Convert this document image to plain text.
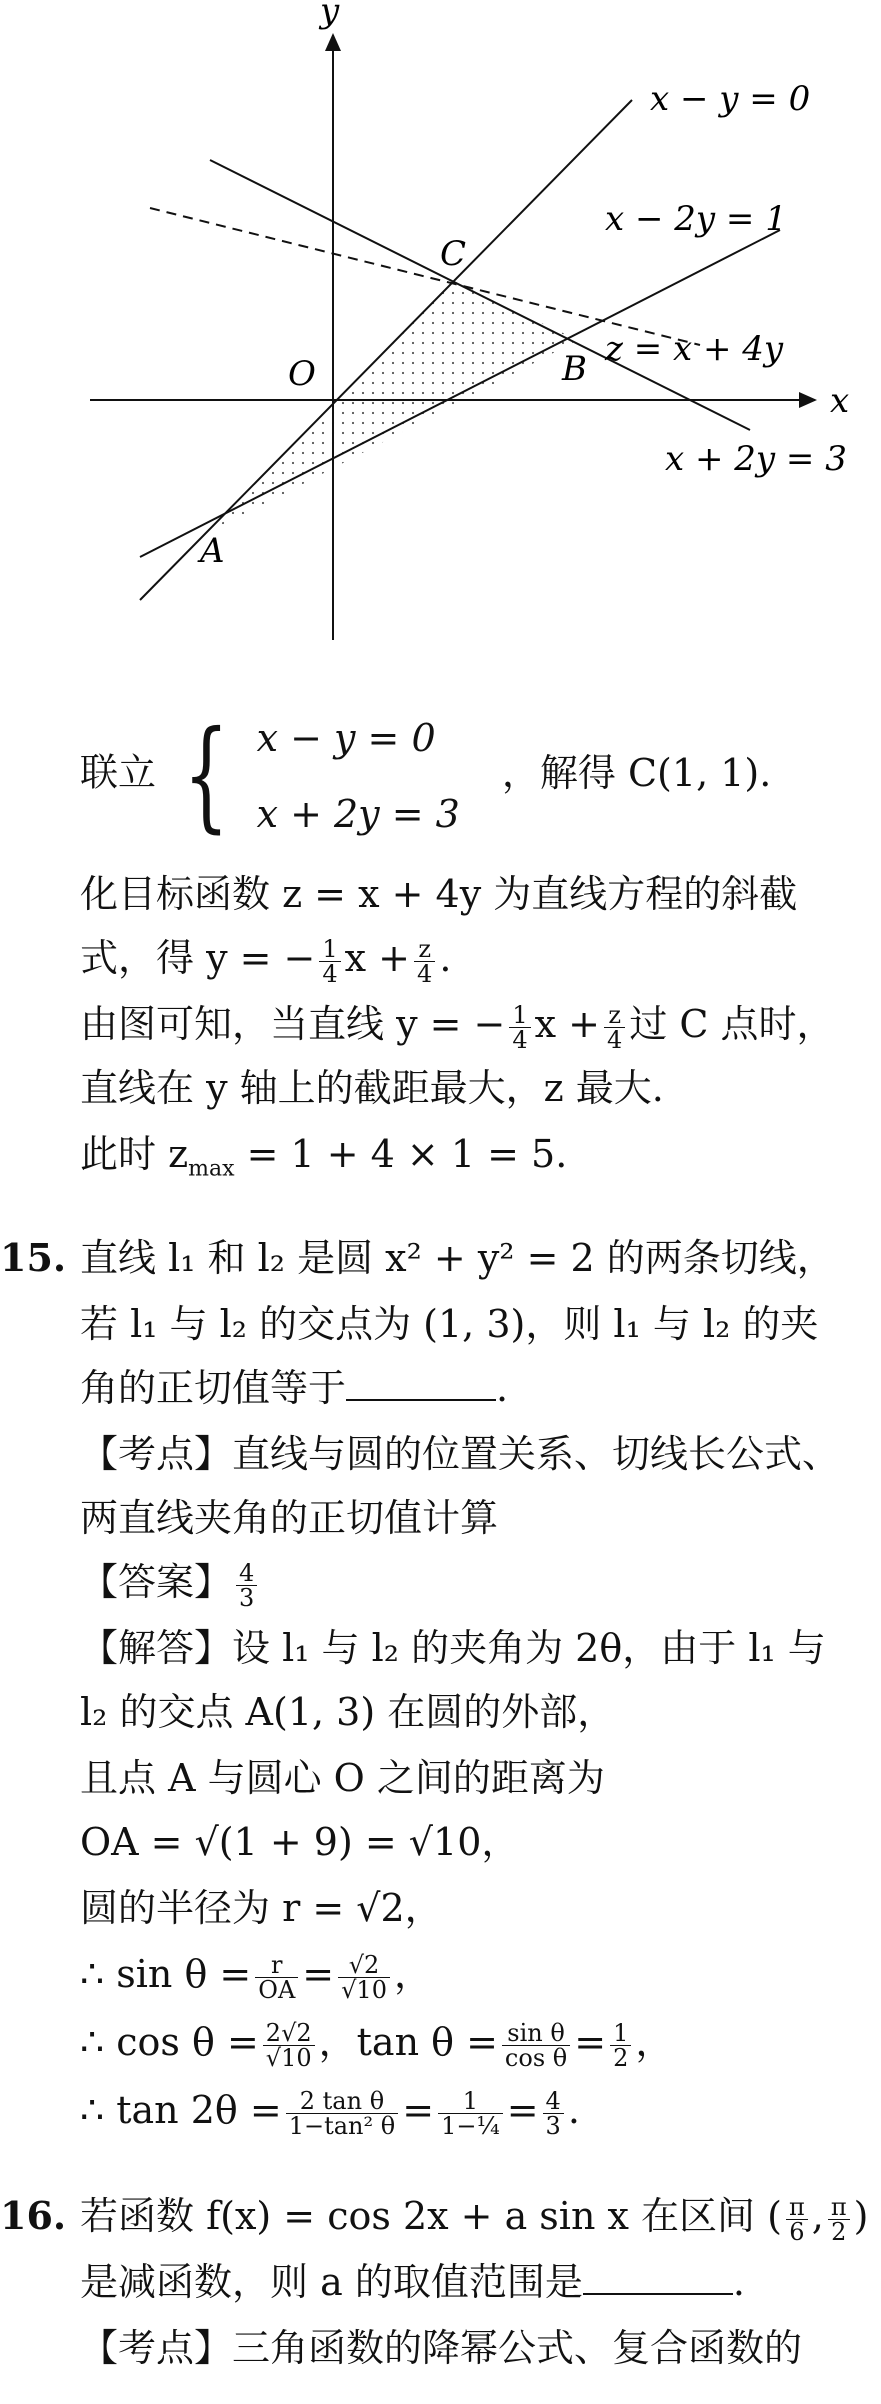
y
x
O
A
B
C
x − y = 0
x − 2y = 1
x + 2y = 3
z = x + 4y
联立 { x − y = 0
x + 2y = 3 ，解得 C(1, 1).
化目标函数 z = x + 4y 为直线方程的斜截
式，得 y = − $\frac{1}{4}$ $x + \frac{z}{4}$ .
由图可知，当直线 y = − $\frac{1}{4}$ $x + \frac{z}{4}$ 过 C 点时，
直线在 y 轴上的截距最大，z 最大.
此时 $z_{max} = 1 + 4 \times 1 = 5$.
15. 直线 l₁ 和 l₂ 是圆 x² + y² = 2 的两条切线，
若 l₁ 与 l₂ 的交点为 (1, 3)，则 l₁ 与 l₂ 的夹
角的正切值等于	.
【考点】直线与圆的位置关系、切线长公式、
两直线夹角的正切值计算
【答案】 $\frac{4}{3}$
【解答】设 l₁ 与 l₂ 的夹角为 2θ，由于 l₁ 与
l₂ 的交点 A(1, 3) 在圆的外部，
且点 A 与圆心 O 之间的距离为
OA = √(1 + 9) = √10，
圆的半径为 r = √2，
∴ $\sin \theta = \frac{r}{OA} = \frac{√2}{√10}$ ，
∴ $\cos \theta = \frac{2√2}{√10}$ ，$\tan \theta = \frac{\text{sin θ}}{\text{cos θ}} = \frac{1}{2}$ ，
∴ $\tan 2\theta = \frac{\text{2 tan θ}}{\text{1−tan² θ}} = \frac{1}{\text{1−¼}} = \frac{4}{3}$ .
16. 若函数 f(x) = cos 2x + a sin x 在区间 ( $\frac{\pi}{6}$ , $\frac{\pi}{2}$ )
是减函数，则 a 的取值范围是	.
【考点】三角函数的降幂公式、复合函数的
